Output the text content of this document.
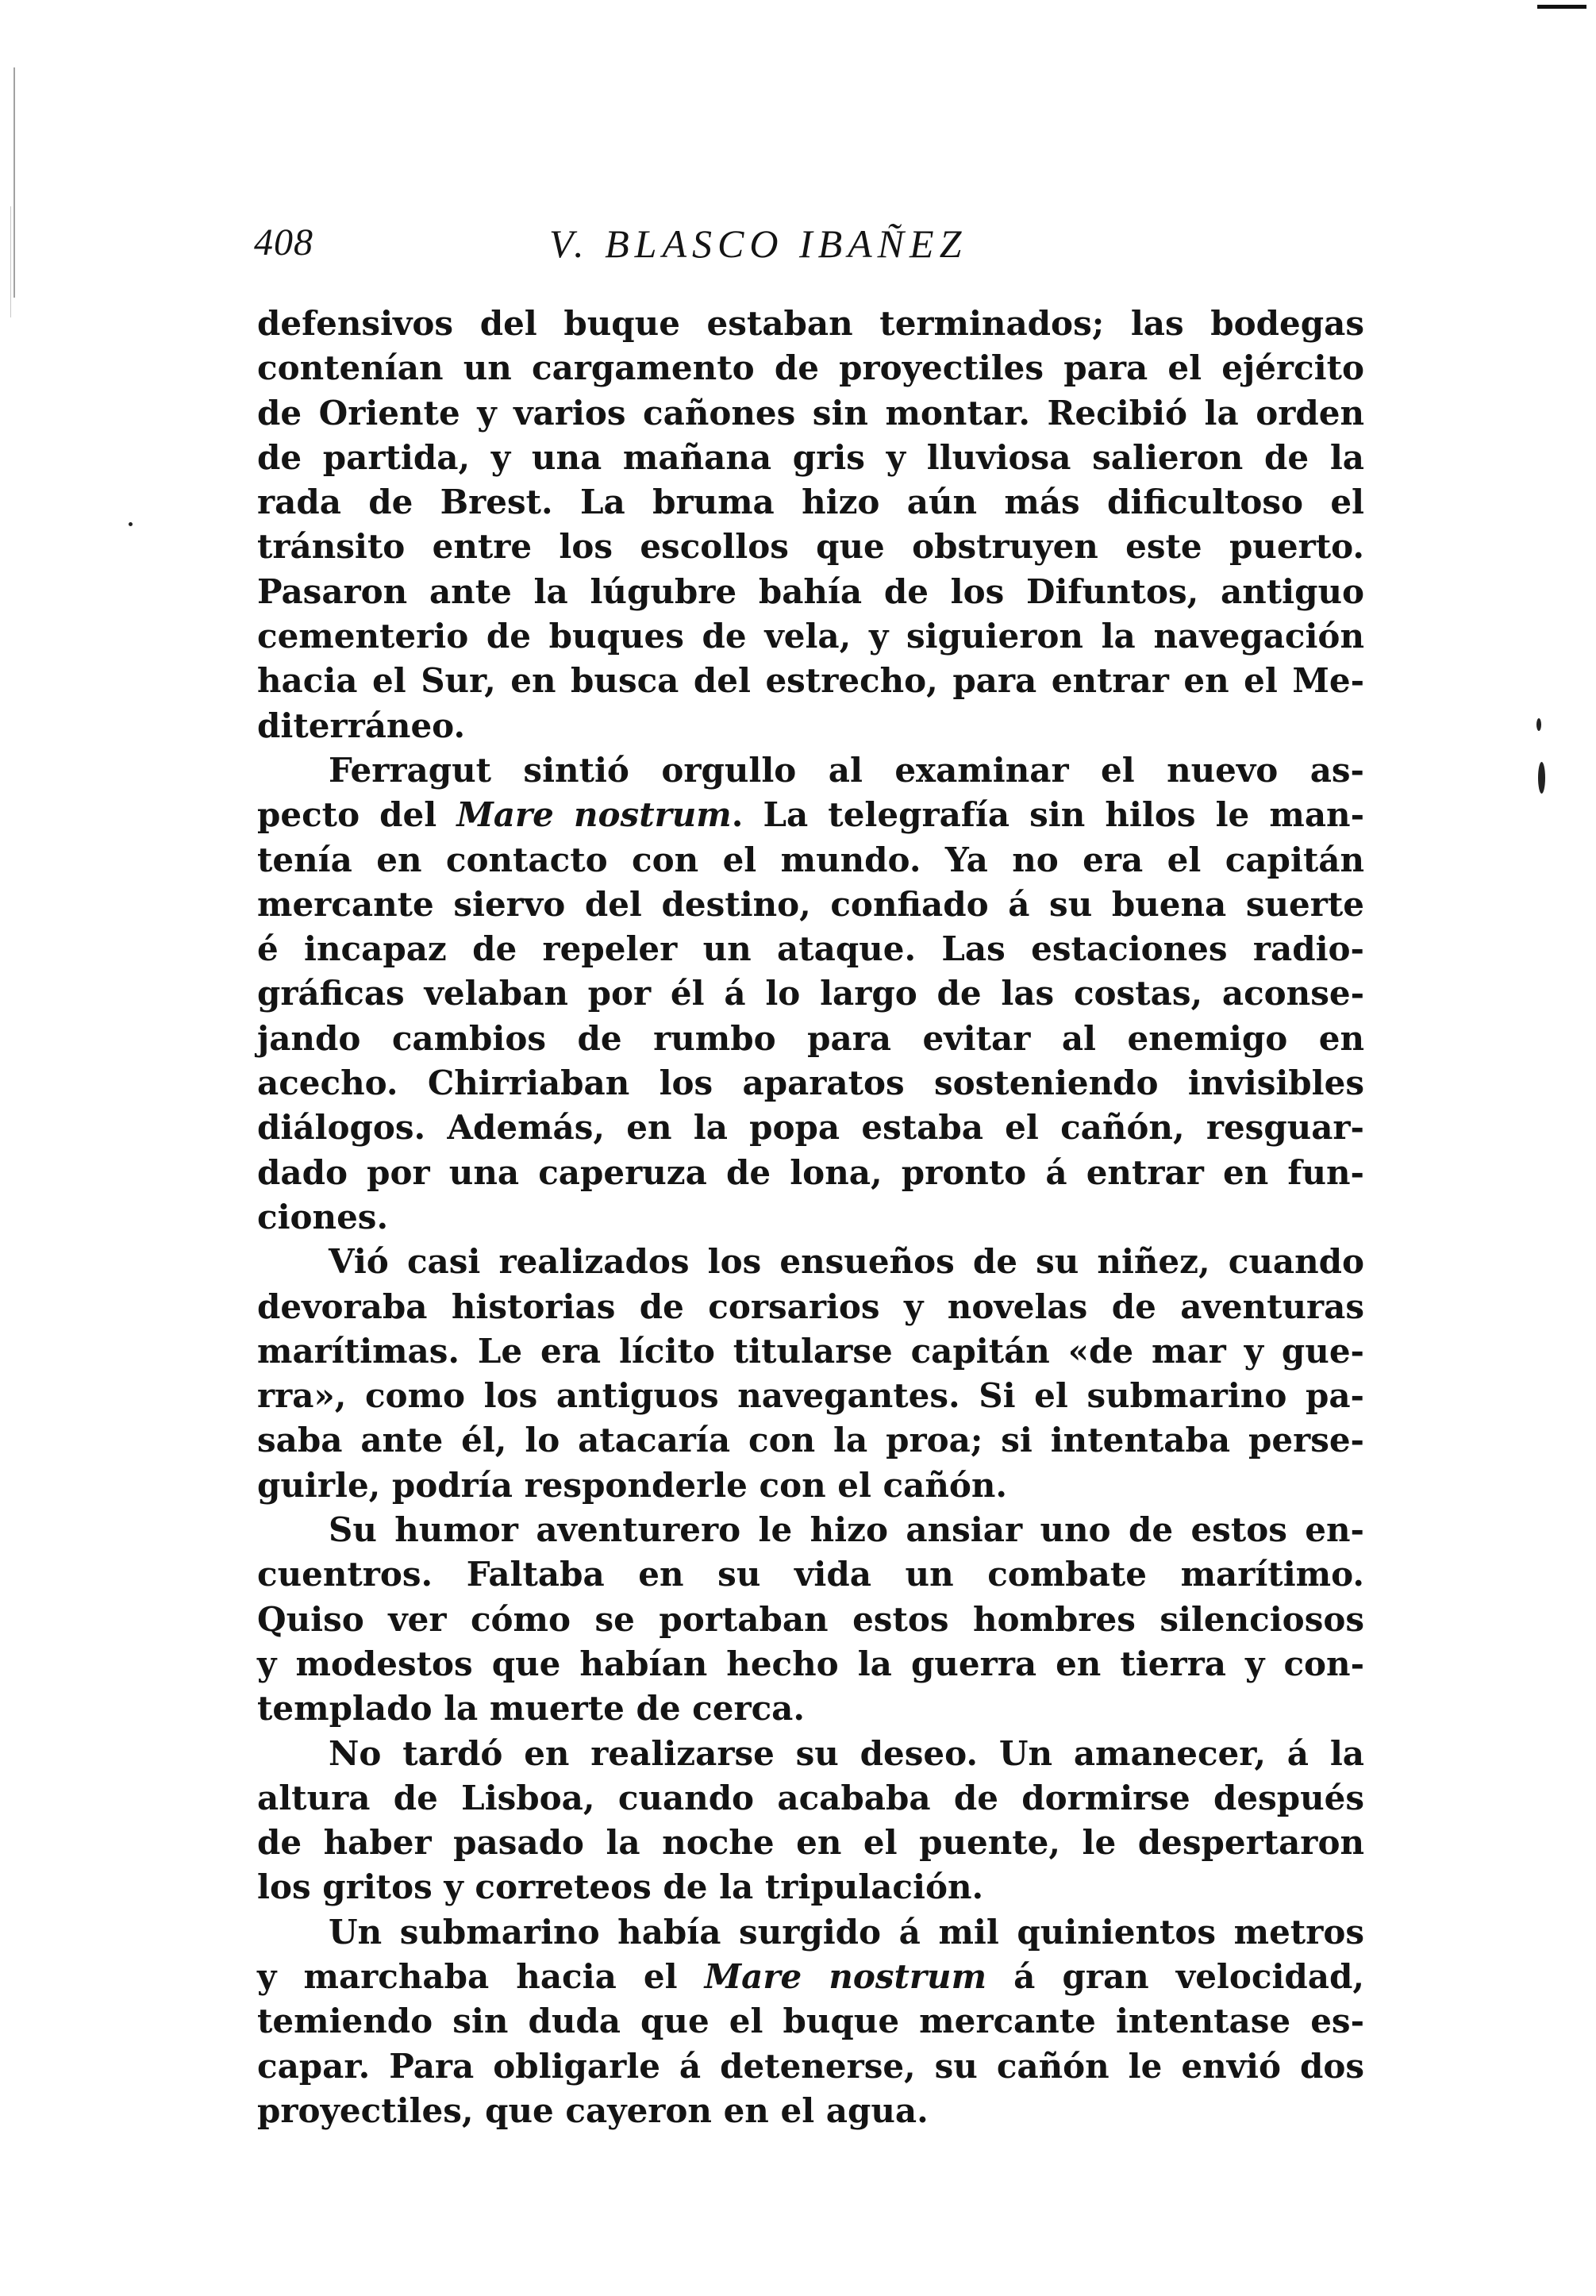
408	V. BLASCO IBAÑEZ
defensivos del buque estaban terminados; las bodegas
contenían un cargamento de proyectiles para el ejército
de Oriente y varios cañones sin montar. Recibió la orden
de partida, y una mañana gris y lluviosa salieron de la
rada de Brest. La bruma hizo aún más dificultoso el
tránsito entre los escollos que obstruyen este puerto.
Pasaron ante la lúgubre bahía de los Difuntos, antiguo
cementerio de buques de vela, y siguieron la navegación
hacia el Sur, en busca del estrecho, para entrar en el Me-
diterráneo.
Ferragut sintió orgullo al examinar el nuevo as-
pecto del Mare nostrum. La telegrafía sin hilos le man-
tenía en contacto con el mundo. Ya no era el capitán
mercante siervo del destino, confiado á su buena suerte
é incapaz de repeler un ataque. Las estaciones radio-
gráficas velaban por él á lo largo de las costas, aconse-
jando cambios de rumbo para evitar al enemigo en
acecho. Chirriaban los aparatos sosteniendo invisibles
diálogos. Además, en la popa estaba el cañón, resguar-
dado por una caperuza de lona, pronto á entrar en fun-
ciones.
Vió casi realizados los ensueños de su niñez, cuando
devoraba historias de corsarios y novelas de aventuras
marítimas. Le era lícito titularse capitán «de mar y gue-
rra», como los antiguos navegantes. Si el submarino pa-
saba ante él, lo atacaría con la proa; si intentaba perse-
guirle, podría responderle con el cañón.
Su humor aventurero le hizo ansiar uno de estos en-
cuentros. Faltaba en su vida un combate marítimo.
Quiso ver cómo se portaban estos hombres silenciosos
y modestos que habían hecho la guerra en tierra y con-
templado la muerte de cerca.
No tardó en realizarse su deseo. Un amanecer, á la
altura de Lisboa, cuando acababa de dormirse después
de haber pasado la noche en el puente, le despertaron
los gritos y correteos de la tripulación.
Un submarino había surgido á mil quinientos metros
y marchaba hacia el Mare nostrum á gran velocidad,
temiendo sin duda que el buque mercante intentase es-
capar. Para obligarle á detenerse, su cañón le envió dos
proyectiles, que cayeron en el agua.
